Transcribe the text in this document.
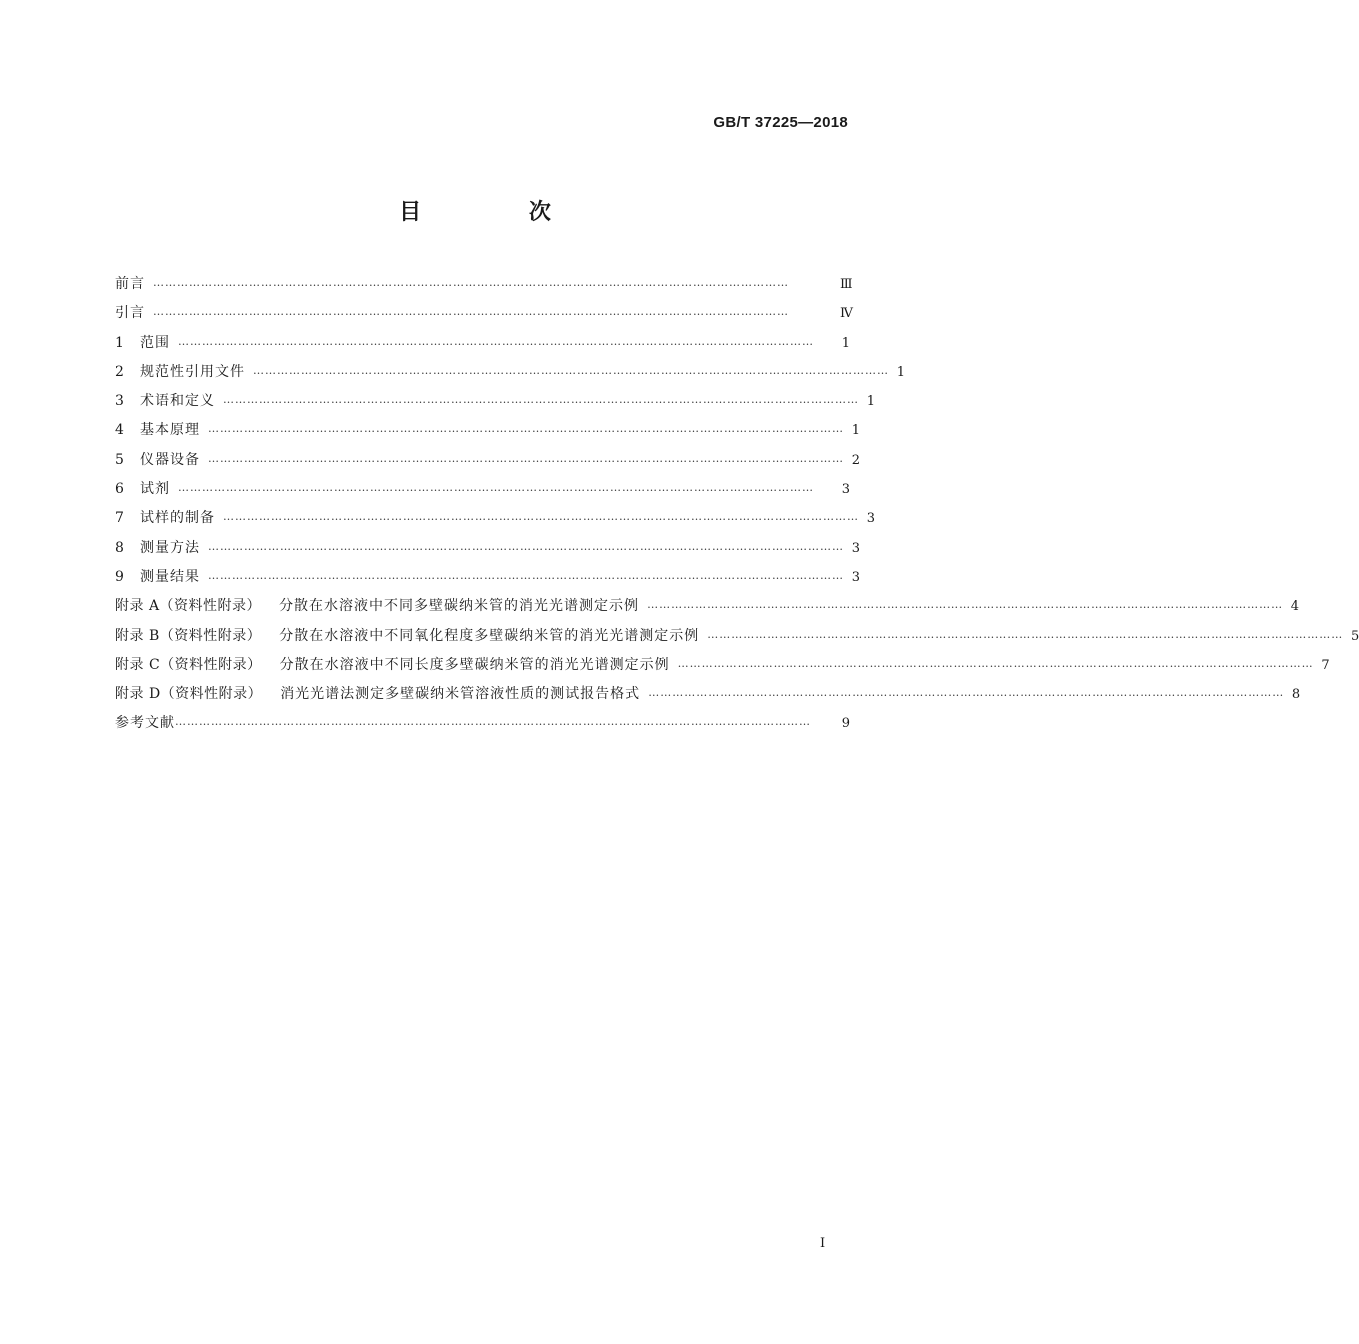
GB/T 37225—2018
目 次
前言 ……………………………………………………………………………………………………………………………………………	Ⅲ
引言 ……………………………………………………………………………………………………………………………………………	Ⅳ
1	范围 ……………………………………………………………………………………………………………………………………………	1
2	规范性引用文件 …………………………………………………………………………………………………………………………………………… 1
3	术语和定义 …………………………………………………………………………………………………………………………………………… 1
4	基本原理 …………………………………………………………………………………………………………………………………………… 1
5	仪器设备 …………………………………………………………………………………………………………………………………………… 2
6	试剂 ……………………………………………………………………………………………………………………………………………	3
7	试样的制备 …………………………………………………………………………………………………………………………………………… 3
8	测量方法 …………………………………………………………………………………………………………………………………………… 3
9	测量结果 …………………………………………………………………………………………………………………………………………… 3
附录 A（资料性附录） 分散在水溶液中不同多壁碳纳米管的消光光谱测定示例 …………………………………………………………………………………………………………………………………………… 4
附录 B（资料性附录） 分散在水溶液中不同氧化程度多壁碳纳米管的消光光谱测定示例 …………………………………………………………………………………………………………………………………………… 5
附录 C（资料性附录） 分散在水溶液中不同长度多壁碳纳米管的消光光谱测定示例 …………………………………………………………………………………………………………………………………………… 7
附录 D（资料性附录） 消光光谱法测定多壁碳纳米管溶液性质的测试报告格式 …………………………………………………………………………………………………………………………………………… 8
参考文献 ……………………………………………………………………………………………………………………………………………	9
Ⅰ
